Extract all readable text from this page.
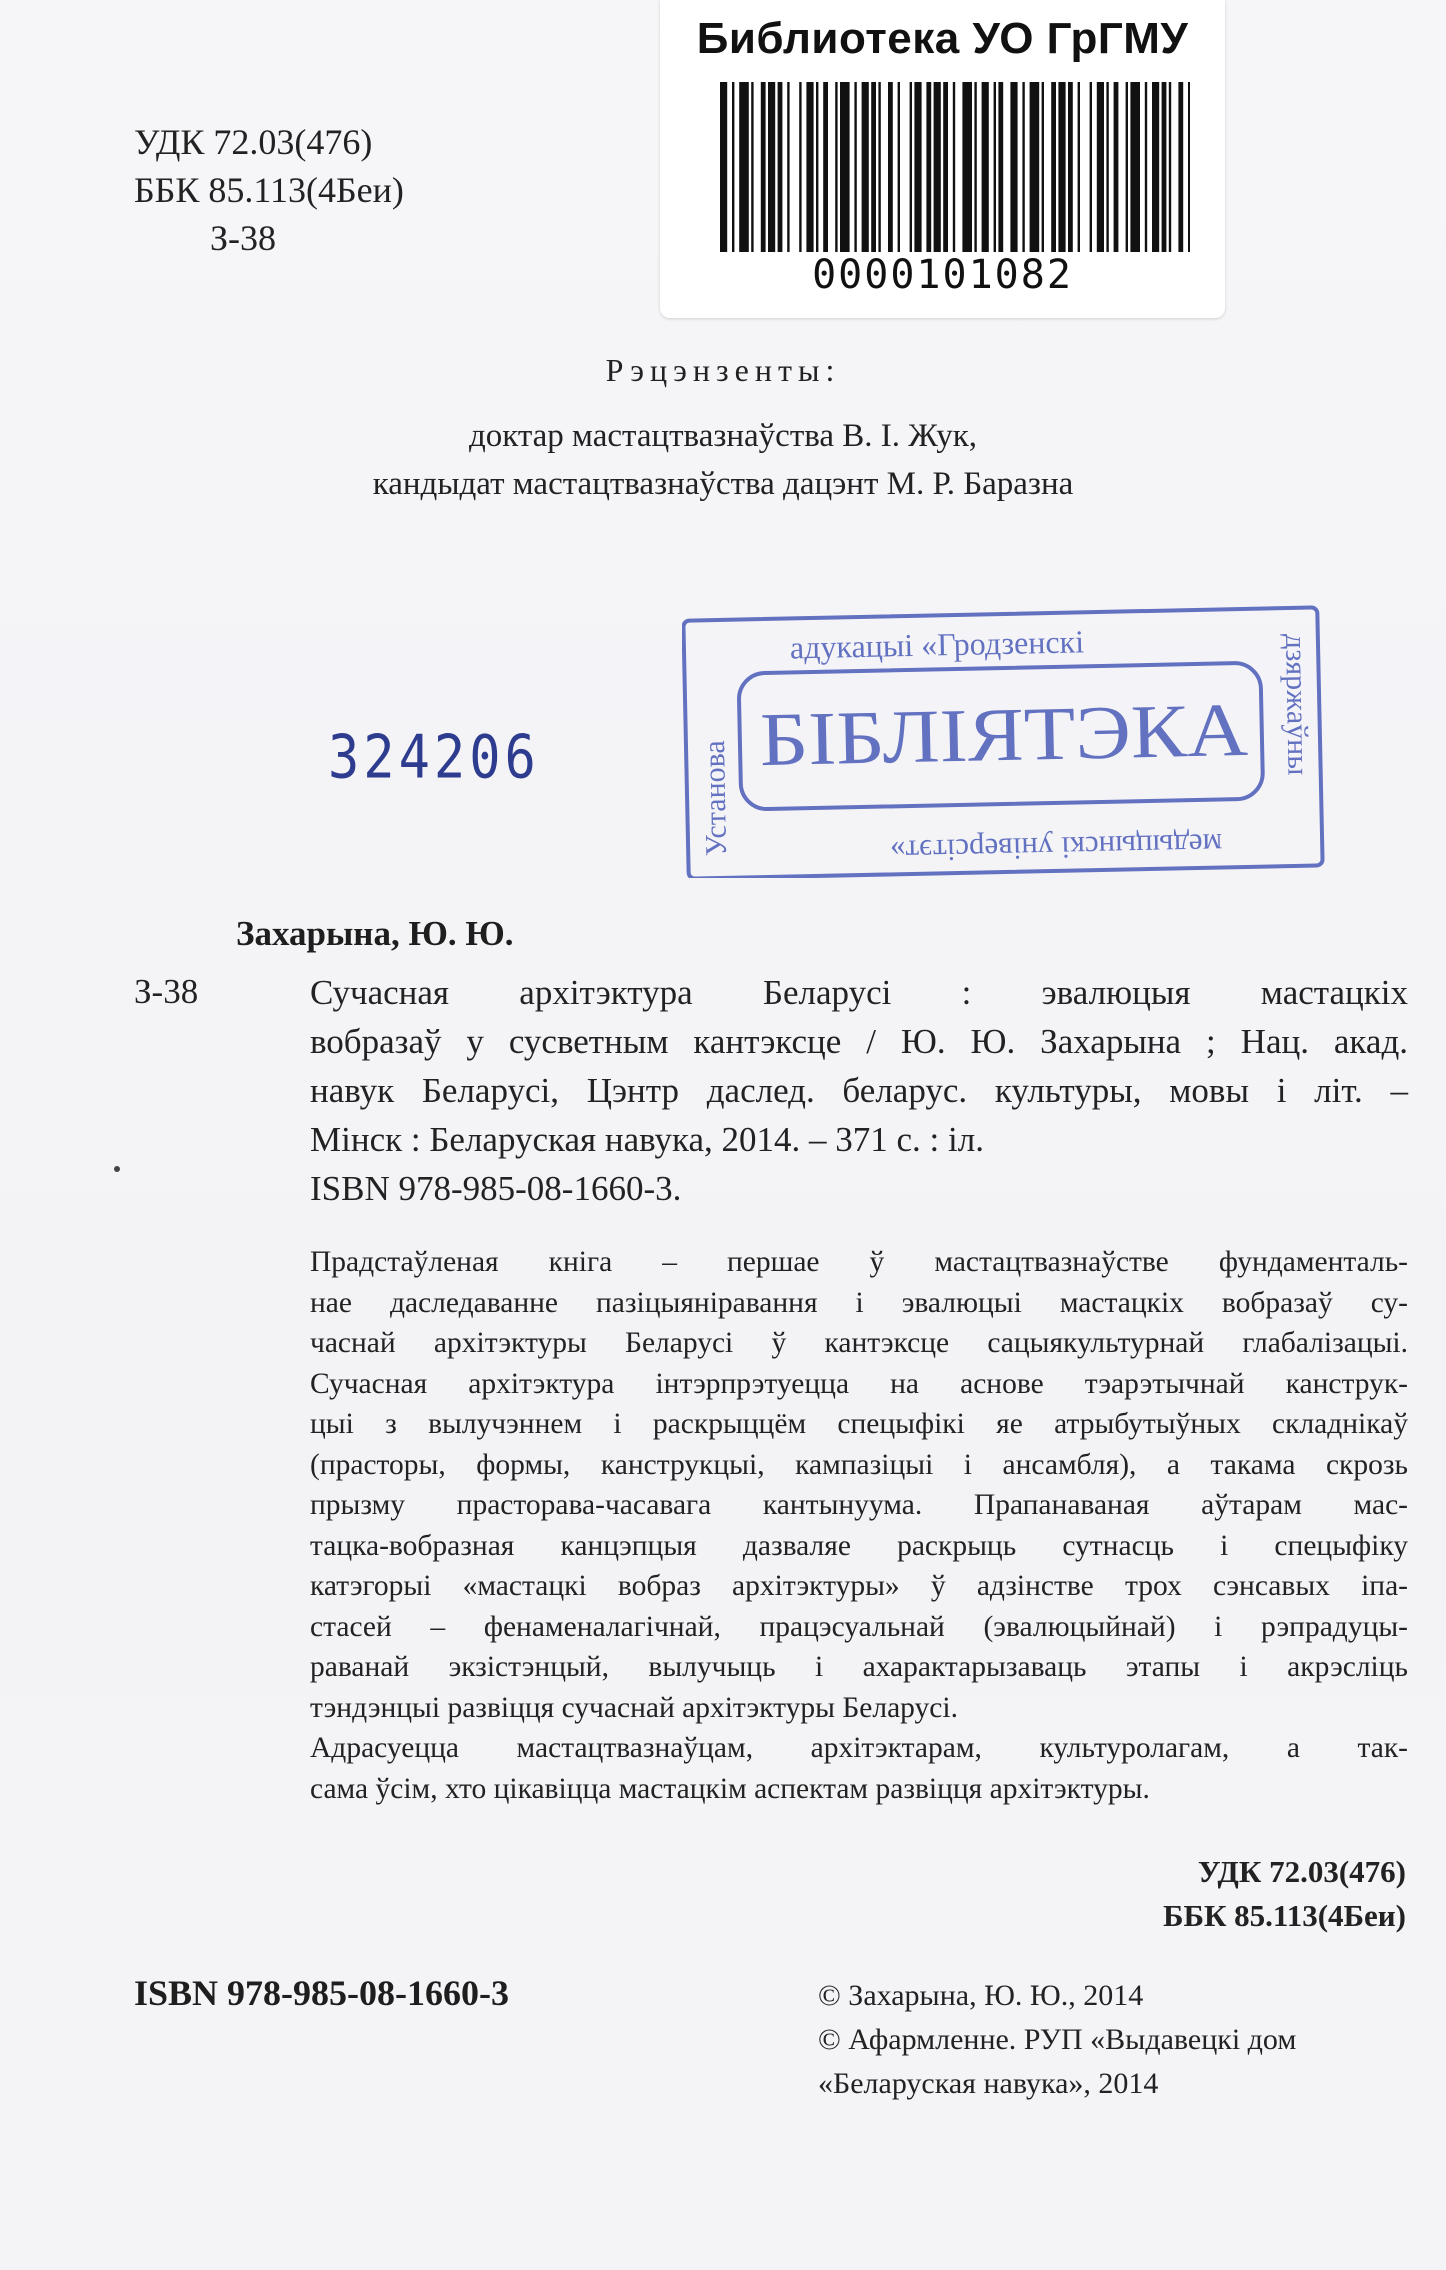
Библиотека УО ГрГМУ
0000101082
УДК 72.03(476)
ББК 85.113(4Беи)
З-38
Рэцэнзенты:
доктар мастацтвазнаўства В. І. Жук,
кандыдат мастацтвазнаўства дацэнт М. Р. Баразна
324206
адукацыі «Гродзенскі
БІБЛІЯТЭКА
медыцынскі універсітэт»
Установа
дзяржаўны
Захарына, Ю. Ю.
З-38	Сучасная архітэктура Беларусі : эвалюцыя мастацкіх

вобразаў у сусветным кантэксце / Ю. Ю. Захарына ; Нац. акад.

навук Беларусі, Цэнтр даслед. беларус. культуры, мовы і літ. –

Мінск : Беларуская навука, 2014. – 371 с. : іл.

ISBN 978-985-08-1660-3.

Прадстаўленая кніга – першае ў мастацтвазнаўстве фундаменталь-
нае даследаванне пазіцыяніравання і эвалюцыі мастацкіх вобразаў су-
часнай архітэктуры Беларусі ў кантэксце сацыякультурнай глабалізацыі.
Сучасная архітэктура інтэрпрэтуецца на аснове тэарэтычнай канструк-
цыі з вылучэннем і раскрыццём спецыфікі яе атрыбутыўных складнікаў
(прасторы, формы, канструкцыі, кампазіцыі і ансамбля), а такама скрозь
прызму прасторава-часавага кантынуума. Прапанаваная аўтарам мас-
тацка-вобразная канцэпцыя дазваляе раскрыць сутнасць і спецыфіку
катэгорыі «мастацкі вобраз архітэктуры» ў адзінстве трох сэнсавых іпа-
стасей – фенаменалагічнай, працэсуальнай (эвалюцыйнай) і рэпрадуцы-
раванай экзістэнцый, вылучыць і ахарактарызаваць этапы і акрэсліць
тэндэнцыі развіцця сучаснай архітэктуры Беларусі.
Адрасуецца мастацтвазнаўцам, архітэктарам, культуролагам, а так-
сама ўсім, хто цікавіцца мастацкім аспектам развіцця архітэктуры.
УДК 72.03(476)
ББК 85.113(4Беи)
ISBN 978-985-08-1660-3	© Захарына, Ю. Ю., 2014
© Афармленне. РУП «Выдавецкі дом
«Беларуская навука», 2014
